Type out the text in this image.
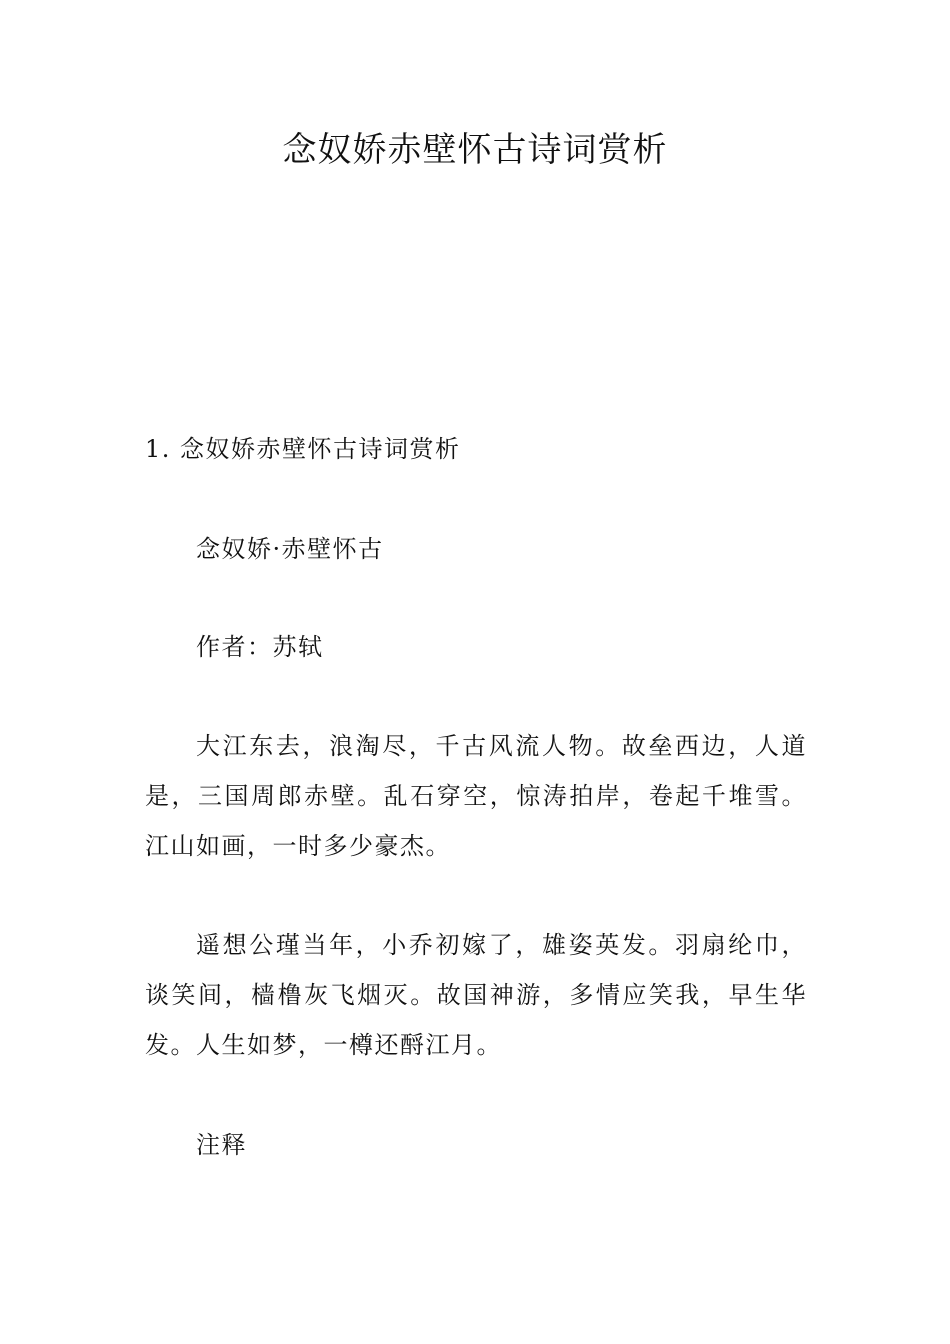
念奴娇赤壁怀古诗词赏析

1. 念奴娇赤壁怀古诗词赏析

念奴娇·赤壁怀古

作者：苏轼

大江东去，浪淘尽，千古风流人物。故垒西边，人道是，三国周郎赤壁。乱石穿空，惊涛拍岸，卷起千堆雪。江山如画，一时多少豪杰。

遥想公瑾当年，小乔初嫁了，雄姿英发。羽扇纶巾，谈笑间，樯橹灰飞烟灭。故国神游，多情应笑我，早生华发。人生如梦，一樽还酹江月。

注释
